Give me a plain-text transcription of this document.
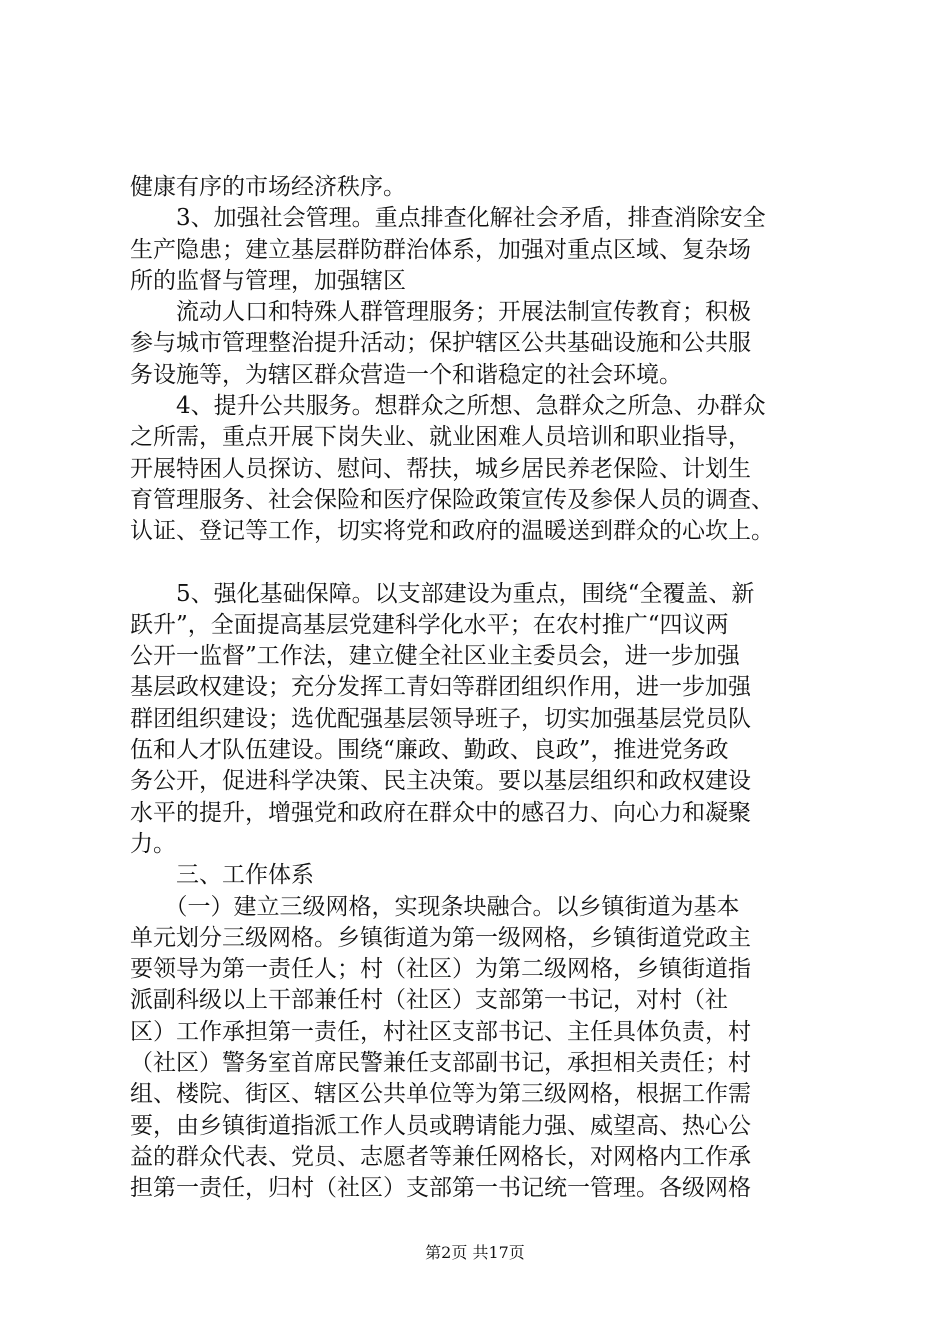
健康有序的市场经济秩序。

　　3、加强社会管理。重点排查化解社会矛盾，排查消除安全

生产隐患；建立基层群防群治体系，加强对重点区域、复杂场

所的监督与管理，加强辖区

　　流动人口和特殊人群管理服务；开展法制宣传教育；积极

参与城市管理整治提升活动；保护辖区公共基础设施和公共服

务设施等，为辖区群众营造一个和谐稳定的社会环境。

　　4、提升公共服务。想群众之所想、急群众之所急、办群众

之所需，重点开展下岗失业、就业困难人员培训和职业指导，

开展特困人员探访、慰问、帮扶，城乡居民养老保险、计划生

育管理服务、社会保险和医疗保险政策宣传及参保人员的调查、

认证、登记等工作，切实将党和政府的温暖送到群众的心坎上。

　　5、强化基础保障。以支部建设为重点，围绕“全覆盖、新

跃升”，全面提高基层党建科学化水平；在农村推广“四议两

公开一监督”工作法，建立健全社区业主委员会，进一步加强

基层政权建设；充分发挥工青妇等群团组织作用，进一步加强

群团组织建设；选优配强基层领导班子，切实加强基层党员队

伍和人才队伍建设。围绕“廉政、勤政、良政”，推进党务政

务公开，促进科学决策、民主决策。要以基层组织和政权建设

水平的提升，增强党和政府在群众中的感召力、向心力和凝聚

力。

　　三、工作体系

　　（一）建立三级网格，实现条块融合。以乡镇街道为基本

单元划分三级网格。乡镇街道为第一级网格，乡镇街道党政主

要领导为第一责任人；村（社区）为第二级网格，乡镇街道指

派副科级以上干部兼任村（社区）支部第一书记，对村（社

区）工作承担第一责任，村社区支部书记、主任具体负责，村

（社区）警务室首席民警兼任支部副书记，承担相关责任；村

组、楼院、街区、辖区公共单位等为第三级网格，根据工作需

要，由乡镇街道指派工作人员或聘请能力强、威望高、热心公

益的群众代表、党员、志愿者等兼任网格长，对网格内工作承

担第一责任，归村（社区）支部第一书记统一管理。各级网格

第2页 共17页
